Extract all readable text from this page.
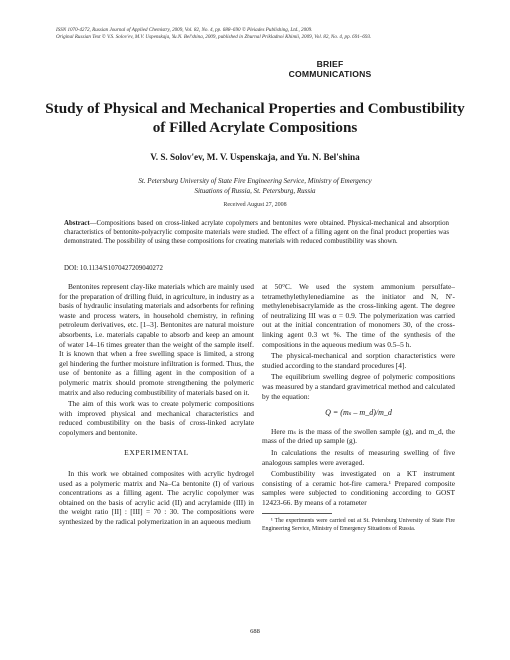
ISSN 1070-4272, Russian Journal of Applied Chemistry, 2009, Vol. 82, No. 4, pp. 688–690 © Pleiades Publishing, Ltd., 2009.
Original Russian Text © V.S. Solov'ev, M.V. Uspenskaja, Yu.N. Bel'shina, 2009, published in Zhurnal Prikladnoi Khimii, 2009, Vol. 82, No. 4, pp. 691–693.
BRIEF
COMMUNICATIONS
Study of Physical and Mechanical Properties and Combustibility of Filled Acrylate Compositions
V. S. Solov'ev, M. V. Uspenskaja, and Yu. N. Bel'shina
St. Petersburg University of State Fire Engineering Service, Ministry of Emergency
Situations of Russia, St. Petersburg, Russia
Received August 27, 2008
Abstract—Compositions based on cross-linked acrylate copolymers and bentonites were obtained. Physical-mechanical and absorption characteristics of bentonite-polyacrylic composite materials were studied. The effect of a filling agent on the final product properties was demonstrated. The possibility of using these compositions for creating materials with reduced combustibility was shown.
DOI: 10.1134/S1070427209040272

Bentonites represent clay-like materials which are mainly used for the preparation of drilling fluid, in agriculture, in industry as a basis of hydraulic insulating materials and adsorbents for refining waste and process waters, in household chemistry, in refining petroleum derivatives, etc. [1–3]. Bentonites are natural moisture absorbents, i.e. materials capable to absorb and keep an amount of water 14–16 times greater than the weight of the sample itself. It is known that when a free swelling space is limited, a strong gel hindering the further moisture infiltration is formed. Thus, the use of bentonite as a filling agent in the composition of a polymeric matrix should promote strengthening the polymeric matrix and also reducing combustibility of materials based on it.

The aim of this work was to create polymeric compositions with improved physical and mechanical characteristics and reduced combustibility on the basis of cross-linked acrylate copolymers and bentonite.

EXPERIMENTAL

In this work we obtained composites with acrylic hydrogel used as a polymeric matrix and Na–Ca bentonite (I) of various concentrations as a filling agent. The acrylic copolymer was obtained on the basis of acrylic acid (II) and acrylamide (III) in the weight ratio [II] : [III] = 70 : 30. The compositions were synthesized by the radical polymerization in an aqueous medium

at 50°C. We used the system ammonium persulfate–tetramethylethylenediamine as the initiator and N, N′-methylenebisacrylamide as the cross-linking agent. The degree of neutralizing III was α = 0.9. The polymerization was carried out at the initial concentration of monomers 30, of the cross-linking agent 0.3 wt %. The time of the synthesis of the compositions in the aqueous medium was 0.5–5 h.

The physical-mechanical and sorption characteristics were studied according to the standard procedures [4].

The equilibrium swelling degree of polymeric compositions was measured by a standard gravimetrical method and calculated by the equation:

Q = (mₛ – m_d)/m_d

Here mₛ is the mass of the swollen sample (g), and m_d, the mass of the dried up sample (g).

In calculations the results of measuring swelling of five analogous samples were averaged.

Combustibility was investigated on a KT instrument consisting of a ceramic hot-fire camera.¹ Prepared composite samples were subjected to conditioning according to GOST 12423-66. By means of a rotameter

¹ The experiments were carried out at St. Petersburg University of State Fire Engineering Service, Ministry of Emergency Situations of Russia.

688
